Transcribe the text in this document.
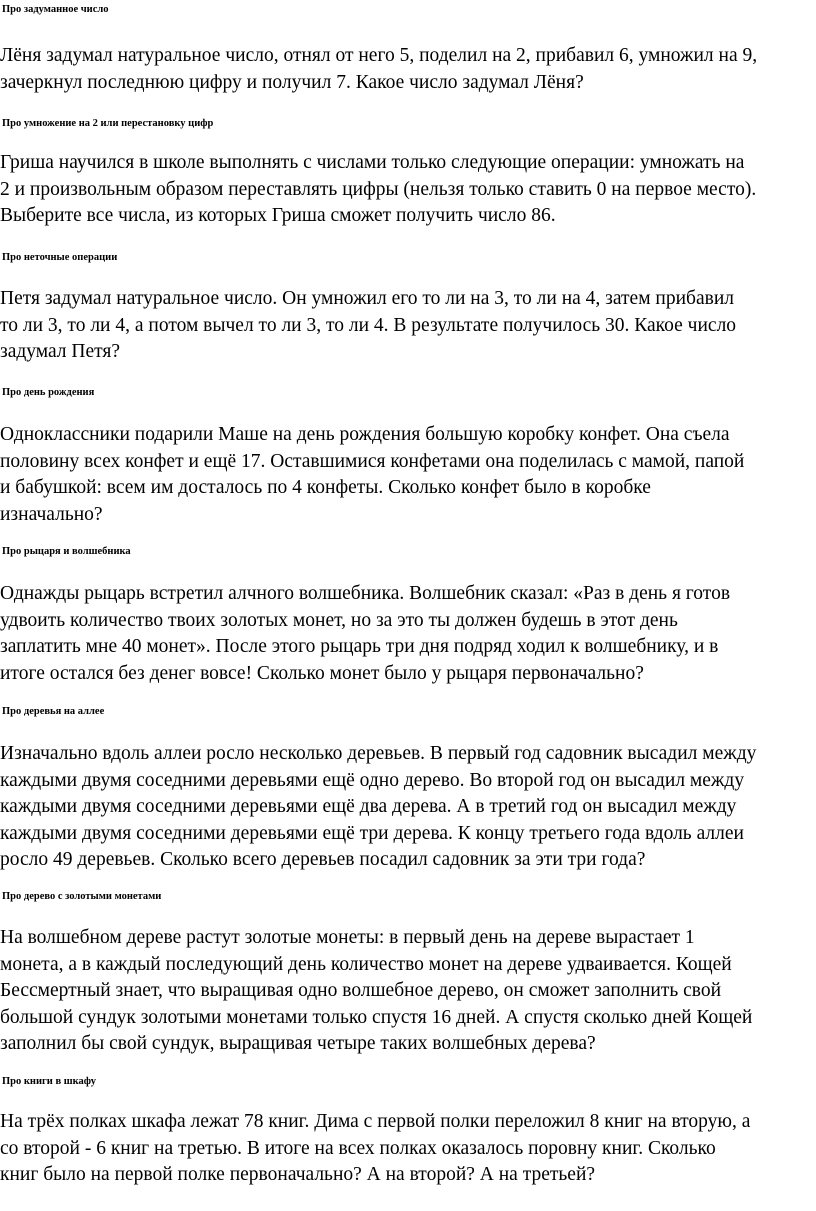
Про задуманное число
Лёня задумал натуральное число, отнял от него 5, поделил на 2, прибавил 6, умножил на 9,
зачеркнул последнюю цифру и получил 7. Какое число задумал Лёня?
Про умножение на 2 или перестановку цифр
Гриша научился в школе выполнять с числами только следующие операции: умножать на
2 и произвольным образом переставлять цифры (нельзя только ставить 0 на первое место).
Выберите все числа, из которых Гриша сможет получить число 86.
Про неточные операции
Петя задумал натуральное число. Он умножил его то ли на 3, то ли на 4, затем прибавил
то ли 3, то ли 4, а потом вычел то ли 3, то ли 4. В результате получилось 30. Какое число
задумал Петя?
Про день рождения
Одноклассники подарили Маше на день рождения большую коробку конфет. Она съела
половину всех конфет и ещё 17. Оставшимися конфетами она поделилась с мамой, папой
и бабушкой: всем им досталось по 4 конфеты. Сколько конфет было в коробке
изначально?
Про рыцаря и волшебника
Однажды рыцарь встретил алчного волшебника. Волшебник сказал: «Раз в день я готов
удвоить количество твоих золотых монет, но за это ты должен будешь в этот день
заплатить мне 40 монет». После этого рыцарь три дня подряд ходил к волшебнику, и в
итоге остался без денег вовсе! Сколько монет было у рыцаря первоначально?
Про деревья на аллее
Изначально вдоль аллеи росло несколько деревьев. В первый год садовник высадил между
каждыми двумя соседними деревьями ещё одно дерево. Во второй год он высадил между
каждыми двумя соседними деревьями ещё два дерева. А в третий год он высадил между
каждыми двумя соседними деревьями ещё три дерева. К концу третьего года вдоль аллеи
росло 49 деревьев. Сколько всего деревьев посадил садовник за эти три года?
Про дерево с золотыми монетами
На волшебном дереве растут золотые монеты: в первый день на дереве вырастает 1
монета, а в каждый последующий день количество монет на дереве удваивается. Кощей
Бессмертный знает, что выращивая одно волшебное дерево, он сможет заполнить свой
большой сундук золотыми монетами только спустя 16 дней. А спустя сколько дней Кощей
заполнил бы свой сундук, выращивая четыре таких волшебных дерева?
Про книги в шкафу
На трёх полках шкафа лежат 78 книг. Дима с первой полки переложил 8 книг на вторую, а
со второй - 6 книг на третью. В итоге на всех полках оказалось поровну книг. Сколько
книг было на первой полке первоначально? А на второй? А на третьей?
